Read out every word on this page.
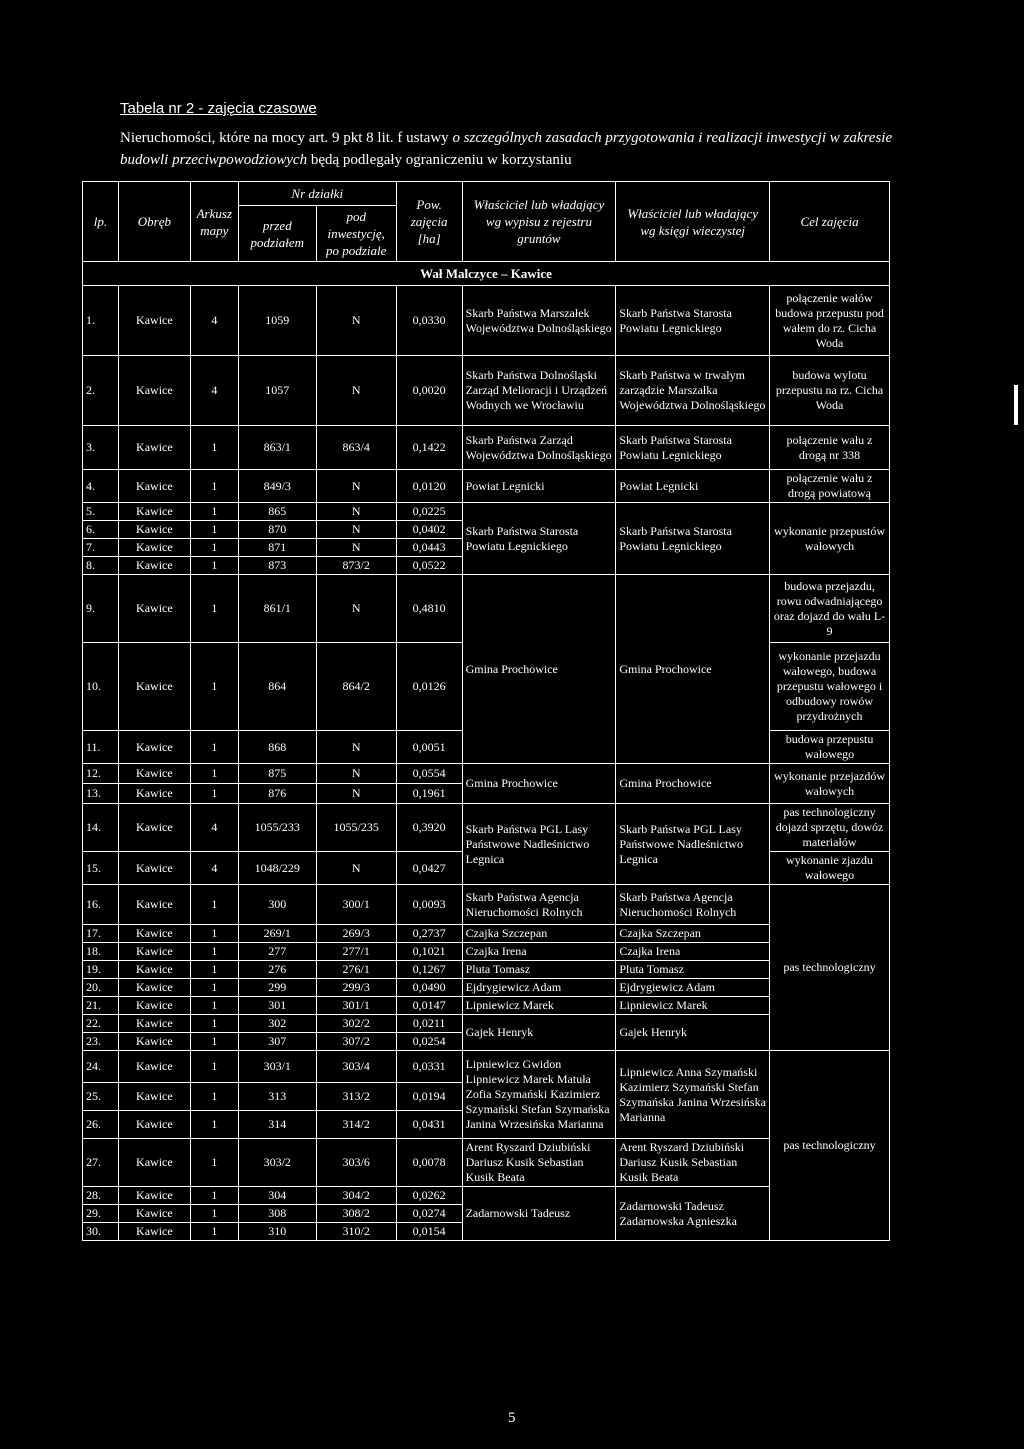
Tabela nr 2 - zajęcia czasowe
Nieruchomości, które na mocy art. 9 pkt 8 lit. f ustawy o szczególnych zasadach przygotowania i realizacji inwestycji w zakresie budowli przeciwpowodziowych będą podlegały ograniczeniu w korzystaniu
lp.	Obręb	Arkusz mapy	Nr działki		Pow. zajęcia [ha]	Właściciel lub władający wg wypisu z rejestru gruntów	Właściciel lub władający wg księgi wieczystej	Cel zajęcia
			przed podziałem	pod inwestycję, po podziale				
Wał Malczyce – Kawice								
1.	Kawice	4	1059	N	0,0330	Skarb Państwa Marszałek Województwa Dolnośląskiego	Skarb Państwa Starosta Powiatu Legnickiego	połączenie wałów budowa przepustu pod wałem do rz. Cicha Woda
2.	Kawice	4	1057	N	0,0020	Skarb Państwa Dolnośląski Zarząd Melioracji i Urządzeń Wodnych we Wrocławiu	Skarb Państwa w trwałym zarządzie Marszałka Województwa Dolnośląskiego	budowa wylotu przepustu na rz. Cicha Woda
3.	Kawice	1	863/1	863/4	0,1422	Skarb Państwa Zarząd Województwa Dolnośląskiego	Skarb Państwa Starosta Powiatu Legnickiego	połączenie wału z drogą nr 338
4.	Kawice	1	849/3	N	0,0120	Powiat Legnicki	Powiat Legnicki	połączenie wału z drogą powiatową
5.	Kawice	1	865	N	0,0225	Skarb Państwa Starosta Powiatu Legnickiego	Skarb Państwa Starosta Powiatu Legnickiego	wykonanie przepustów wałowych
6.	Kawice	1	870	N	0,0402			
7.	Kawice	1	871	N	0,0443			
8.	Kawice	1	873	873/2	0,0522			
9.	Kawice	1	861/1	N	0,4810	Gmina Prochowice	Gmina Prochowice	budowa przejazdu, rowu odwadniającego oraz dojazd do wału L-9
10.	Kawice	1	864	864/2	0,0126			wykonanie przejazdu wałowego, budowa przepustu wałowego i odbudowy rowów przydrożnych
11.	Kawice	1	868	N	0,0051			budowa przepustu wałowego
12.	Kawice	1	875	N	0,0554	Gmina Prochowice	Gmina Prochowice	wykonanie przejazdów wałowych
13.	Kawice	1	876	N	0,1961			
14.	Kawice	4	1055/233	1055/235	0,3920	Skarb Państwa PGL Lasy Państwowe Nadleśnictwo Legnica	Skarb Państwa PGL Lasy Państwowe Nadleśnictwo Legnica	pas technologiczny dojazd sprzętu, dowóz materiałów
15.	Kawice	4	1048/229	N	0,0427			wykonanie zjazdu wałowego
16.	Kawice	1	300	300/1	0,0093	Skarb Państwa Agencja Nieruchomości Rolnych	Skarb Państwa Agencja Nieruchomości Rolnych	pas technologiczny
17.	Kawice	1	269/1	269/3	0,2737	Czajka Szczepan	Czajka Szczepan	
18.	Kawice	1	277	277/1	0,1021	Czajka Irena	Czajka Irena	
19.	Kawice	1	276	276/1	0,1267	Pluta Tomasz	Pluta Tomasz	
20.	Kawice	1	299	299/3	0,0490	Ejdrygiewicz Adam	Ejdrygiewicz Adam	
21.	Kawice	1	301	301/1	0,0147	Lipniewicz Marek	Lipniewicz Marek	
22.	Kawice	1	302	302/2	0,0211	Gajek Henryk	Gajek Henryk	
23.	Kawice	1	307	307/2	0,0254			
24.	Kawice	1	303/1	303/4	0,0331	Lipniewicz Gwidon Lipniewicz Marek Matuła Zofia Szymański Kazimierz Szymański Stefan Szymańska Janina Wrzesińska Marianna	Lipniewicz Anna Szymański Kazimierz Szymański Stefan Szymańska Janina Wrzesińska Marianna	pas technologiczny
25.	Kawice	1	313	313/2	0,0194			
26.	Kawice	1	314	314/2	0,0431			
27.	Kawice	1	303/2	303/6	0,0078	Arent Ryszard Dziubiński Dariusz Kusik Sebastian Kusik Beata	Arent Ryszard Dziubiński Dariusz Kusik Sebastian Kusik Beata	
28.	Kawice	1	304	304/2	0,0262	Zadarnowski Tadeusz	Zadarnowski Tadeusz Zadarnowska Agnieszka	
29.	Kawice	1	308	308/2	0,0274			
30.	Kawice	1	310	310/2	0,0154			
5
